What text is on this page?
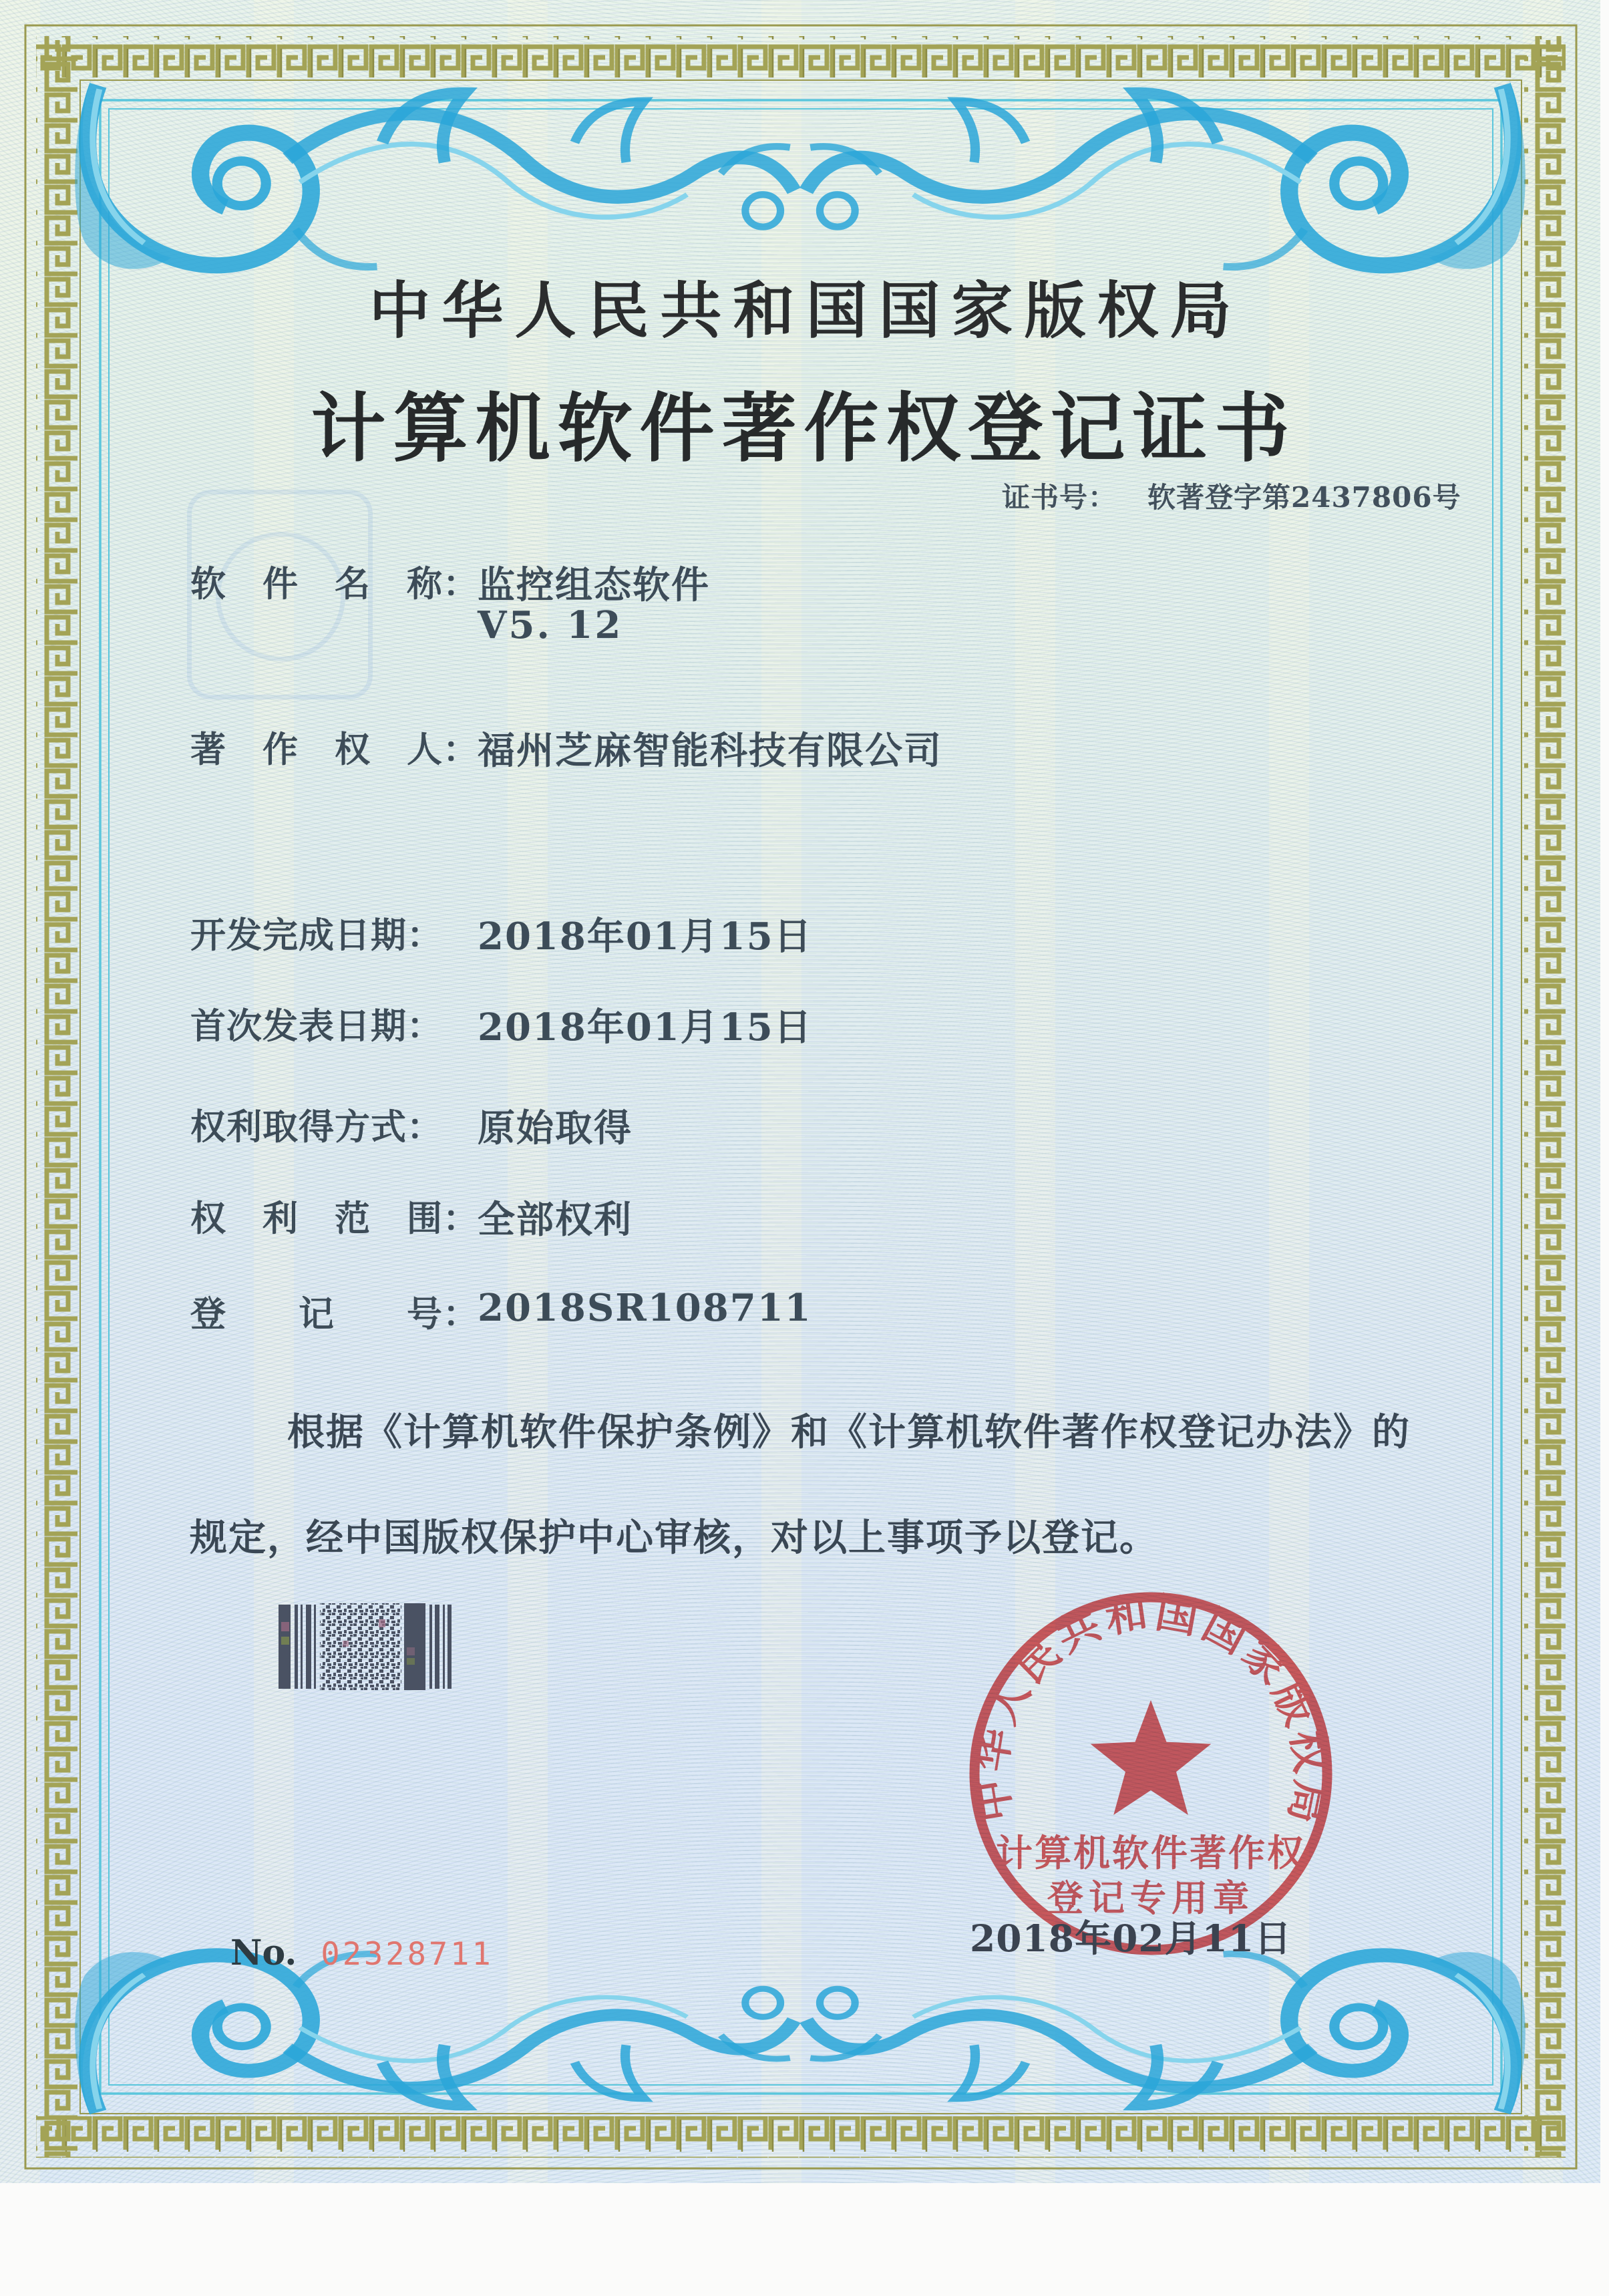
中华人民共和国国家版权局
计算机软件著作权登记证书
证书号： 软著登字第2437806号
软　件　名　称：
监控组态软件
V5. 12
著　作　权　人：
福州芝麻智能科技有限公司
开发完成日期： 2018年01月15日
首次发表日期： 2018年01月15日
权利取得方式： 原始取得
权　利　范　围：
全部权利
登　　记　　号：
2018SR108711
根据《计算机软件保护条例》和《计算机软件著作权登记办法》的
规定，经中国版权保护中心审核，对以上事项予以登记。
中华人民共和国国家版权局
计算机软件著作权
登记专用章
2018年02月11日
No. 02328711
